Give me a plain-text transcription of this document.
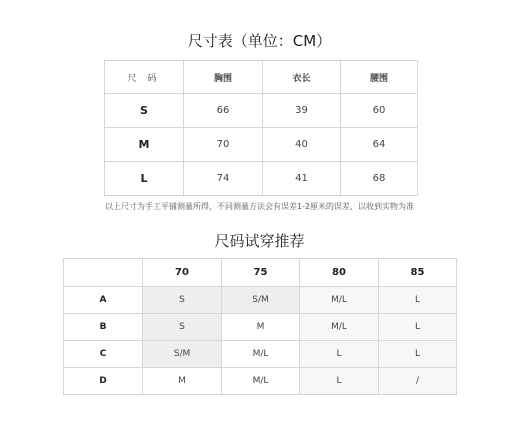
尺寸表（单位：CM）
尺 码	胸围	衣长	腰围
S	66	39	60
M	70	40	64
L	74	41	68
以上尺寸为手工平铺测量所得，不同测量方法会有误差1-2厘米的误差，以收到实物为准
尺码试穿推荐
	70	75	80	85
A	S	S/M	M/L	L
B	S	M	M/L	L
C	S/M	M/L	L	L
D	M	M/L	L	/
